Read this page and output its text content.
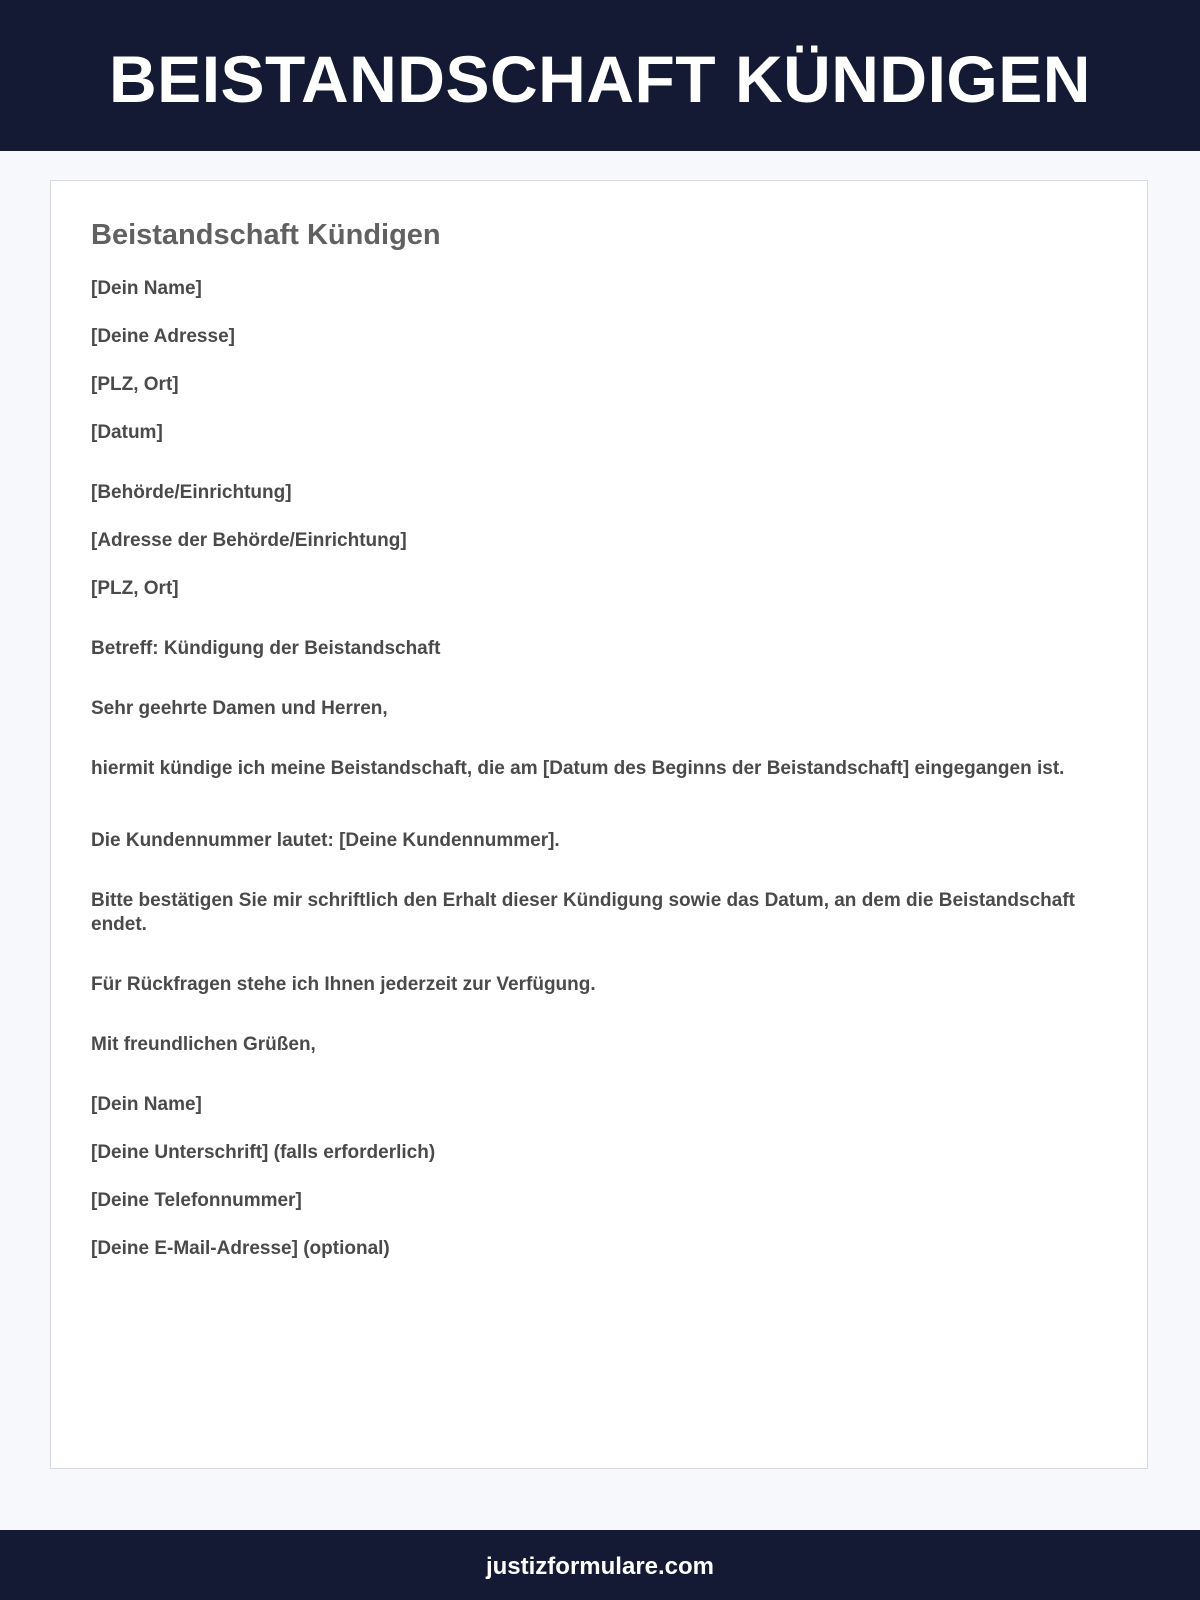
BEISTANDSCHAFT KÜNDIGEN
Beistandschaft Kündigen

[Dein Name]

[Deine Adresse]

[PLZ, Ort]

[Datum]

[Behörde/Einrichtung]

[Adresse der Behörde/Einrichtung]

[PLZ, Ort]

Betreff: Kündigung der Beistandschaft

Sehr geehrte Damen und Herren,

hiermit kündige ich meine Beistandschaft, die am [Datum des Beginns der Beistandschaft] eingegangen ist.

Die Kundennummer lautet: [Deine Kundennummer].

Bitte bestätigen Sie mir schriftlich den Erhalt dieser Kündigung sowie das Datum, an dem die Beistandschaft endet.

Für Rückfragen stehe ich Ihnen jederzeit zur Verfügung.

Mit freundlichen Grüßen,

[Dein Name]

[Deine Unterschrift] (falls erforderlich)

[Deine Telefonnummer]

[Deine E-Mail-Adresse] (optional)

justizformulare.com
